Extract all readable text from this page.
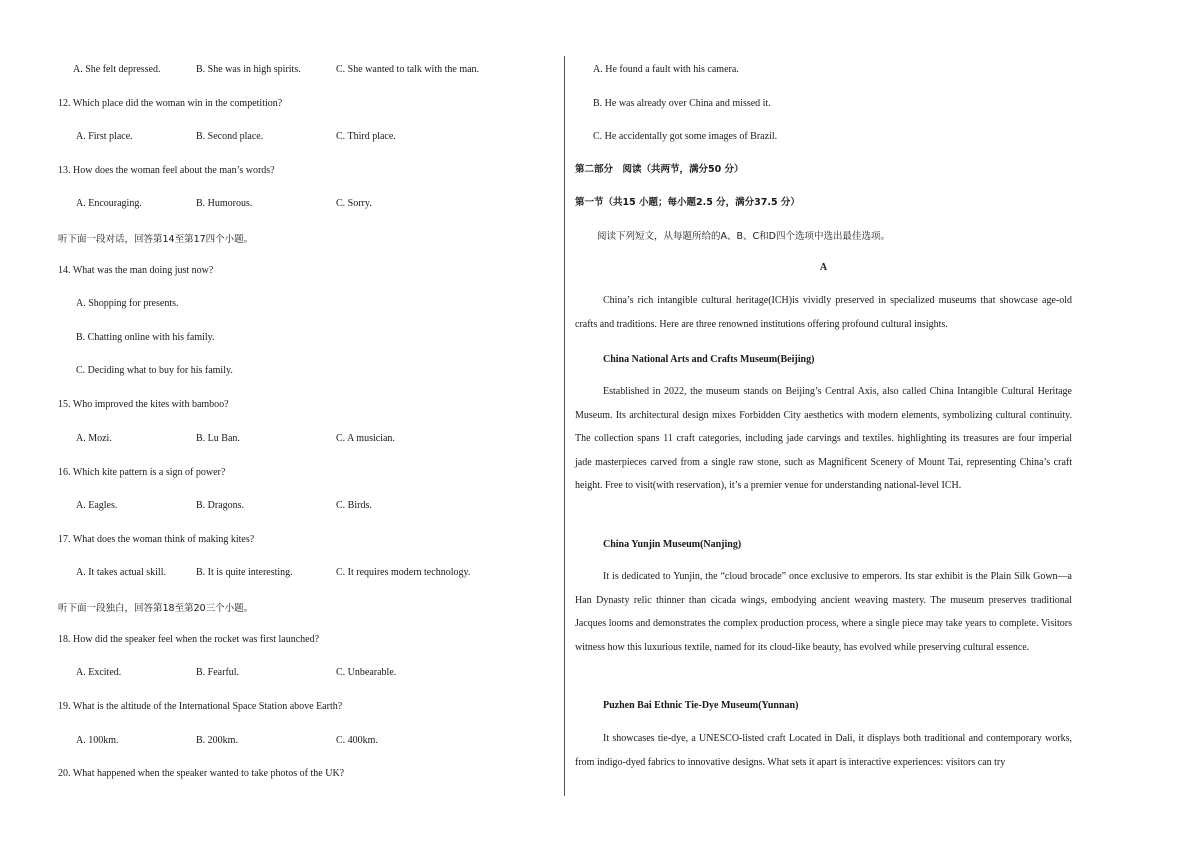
A. She felt depressed.	B. She was in high spirits.	C. She wanted to talk with the man.
12. Which place did the woman win in the competition?
A. First place.	B. Second place.	C. Third place.
13. How does the woman feel about the man’s words?
A. Encouraging.	B. Humorous.	C. Sorry.
听下面一段对话，回答第14至第17四个小题。
14. What was the man doing just now?
A. Shopping for presents.
B. Chatting online with his family.
C. Deciding what to buy for his family.
15. Who improved the kites with bamboo?
A. Mozi.	B. Lu Ban.	C. A musician.
16. Which kite pattern is a sign of power?
A. Eagles.	B. Dragons.	C. Birds.
17. What does the woman think of making kites?
A. It takes actual skill.	B. It is quite interesting.	C. It requires modern technology.
听下面一段独白，回答第18至第20三个小题。
18. How did the speaker feel when the rocket was first launched?
A. Excited.	B. Fearful.	C. Unbearable.
19. What is the altitude of the International Space Station above Earth?
A. 100km.	B. 200km.	C. 400km.
20. What happened when the speaker wanted to take photos of the UK?
A. He found a fault with his camera.
B. He was already over China and missed it.
C. He accidentally got some images of Brazil.
第二部分　阅读（共两节，满分50 分）
第一节（共15 小题；每小题2.5 分，满分37.5 分）
阅读下列短文，从每题所给的A、B、C和D四个选项中选出最佳选项。
A
China’s rich intangible cultural heritage(ICH)is vividly preserved in specialized museums that showcase age-old crafts and traditions. Here are three renowned institutions offering profound cultural insights.
China National Arts and Crafts Museum(Beijing)
Established in 2022, the museum stands on Beijing’s Central Axis, also called China Intangible Cultural Heritage Museum. Its architectural design mixes Forbidden City aesthetics with modern elements, symbolizing cultural continuity. The collection spans 11 craft categories, including jade carvings and textiles. highlighting its treasures are four imperial jade masterpieces carved from a single raw stone, such as Magnificent Scenery of Mount Tai, representing China’s craft height. Free to visit(with reservation), it’s a premier venue for understanding national-level ICH.
China Yunjin Museum(Nanjing)
It is dedicated to Yunjin, the “cloud brocade” once exclusive to emperors. Its star exhibit is the Plain Silk Gown—a Han Dynasty relic thinner than cicada wings, embodying ancient weaving mastery. The museum preserves traditional Jacques looms and demonstrates the complex production process, where a single piece may take years to complete. Visitors witness how this luxurious textile, named for its cloud-like beauty, has evolved while preserving cultural essence.
Puzhen Bai Ethnic Tie-Dye Museum(Yunnan)
It showcases tie-dye, a UNESCO-listed craft Located in Dali, it displays both traditional and contemporary works, from indigo-dyed fabrics to innovative designs. What sets it apart is interactive experiences: visitors can try
